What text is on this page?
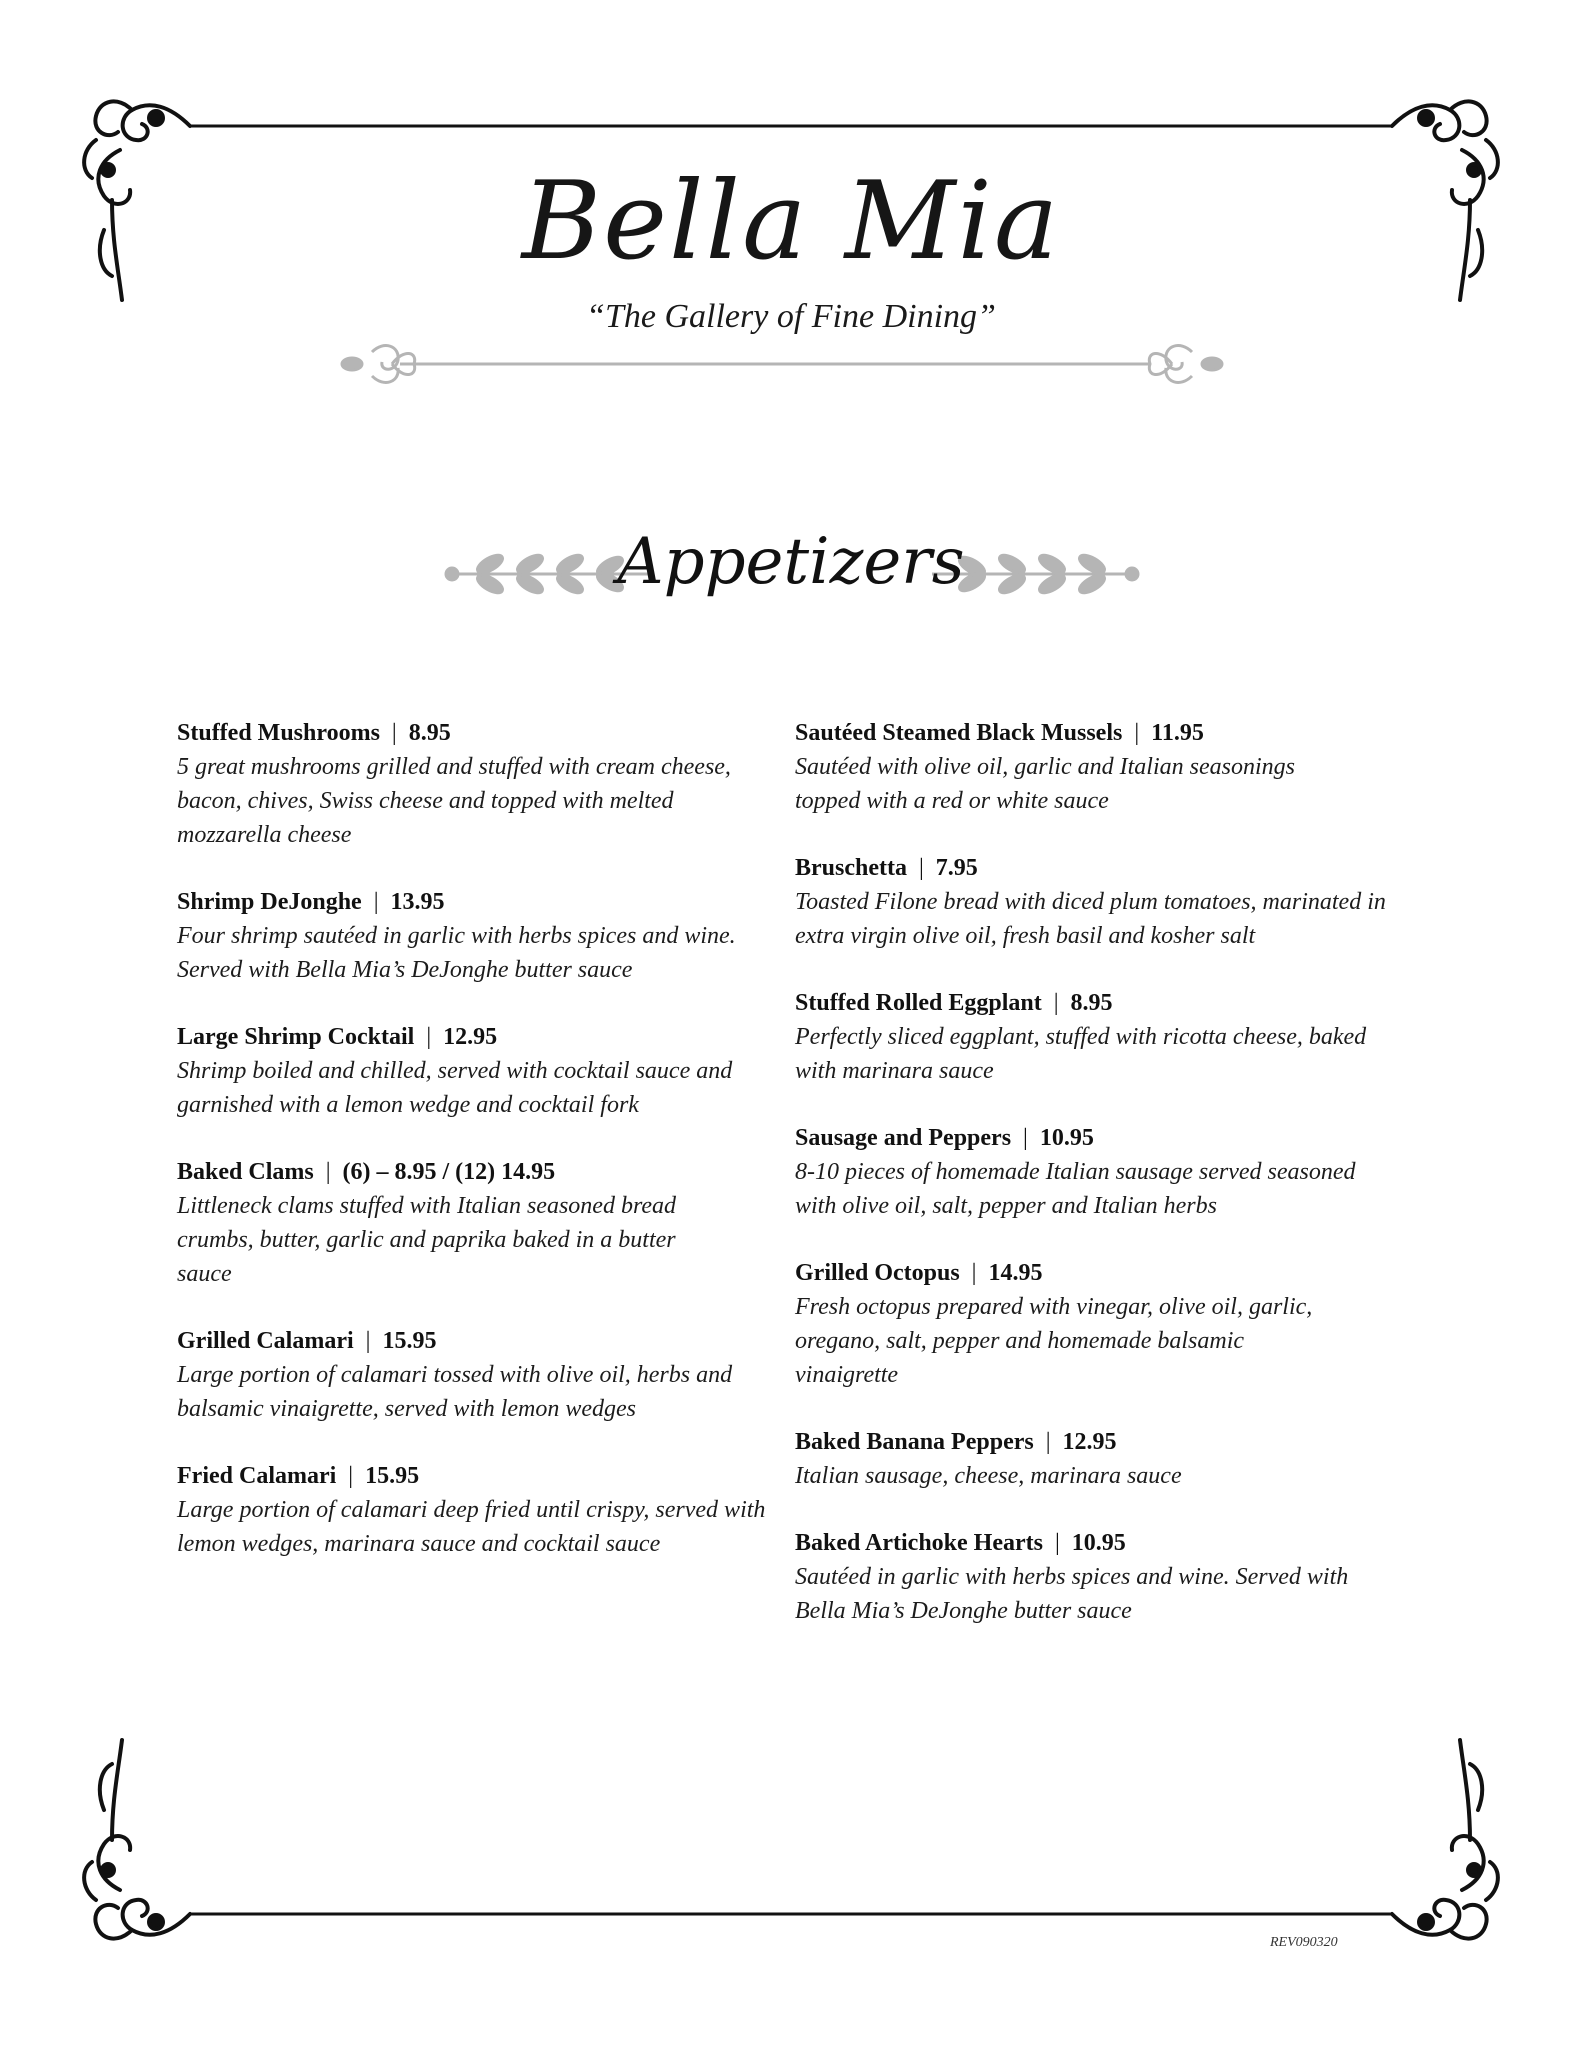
Bella Mia
“The Gallery of Fine Dining”
Appetizers
Stuffed Mushrooms | 8.95
5 great mushrooms grilled and stuffed with cream cheese, bacon, chives, Swiss cheese and topped with melted mozzarella cheese
Shrimp DeJonghe | 13.95
Four shrimp sautéed in garlic with herbs spices and wine. Served with Bella Mia’s DeJonghe butter sauce
Large Shrimp Cocktail | 12.95
Shrimp boiled and chilled, served with cocktail sauce and garnished with a lemon wedge and cocktail fork
Baked Clams | (6) – 8.95 / (12) 14.95
Littleneck clams stuffed with Italian seasoned bread crumbs, butter, garlic and paprika baked in a butter sauce
Grilled Calamari | 15.95
Large portion of calamari tossed with olive oil, herbs and balsamic vinaigrette, served with lemon wedges
Fried Calamari | 15.95
Large portion of calamari deep fried until crispy, served with lemon wedges, marinara sauce and cocktail sauce
Sautéed Steamed Black Mussels | 11.95
Sautéed with olive oil, garlic and Italian seasonings topped with a red or white sauce
Bruschetta | 7.95
Toasted Filone bread with diced plum tomatoes, marinated in extra virgin olive oil, fresh basil and kosher salt
Stuffed Rolled Eggplant | 8.95
Perfectly sliced eggplant, stuffed with ricotta cheese, baked with marinara sauce
Sausage and Peppers | 10.95
8-10 pieces of homemade Italian sausage served seasoned with olive oil, salt, pepper and Italian herbs
Grilled Octopus | 14.95
Fresh octopus prepared with vinegar, olive oil, garlic, oregano, salt, pepper and homemade balsamic vinaigrette
Baked Banana Peppers | 12.95
Italian sausage, cheese, marinara sauce
Baked Artichoke Hearts | 10.95
Sautéed in garlic with herbs spices and wine. Served with Bella Mia’s DeJonghe butter sauce
REV090320
